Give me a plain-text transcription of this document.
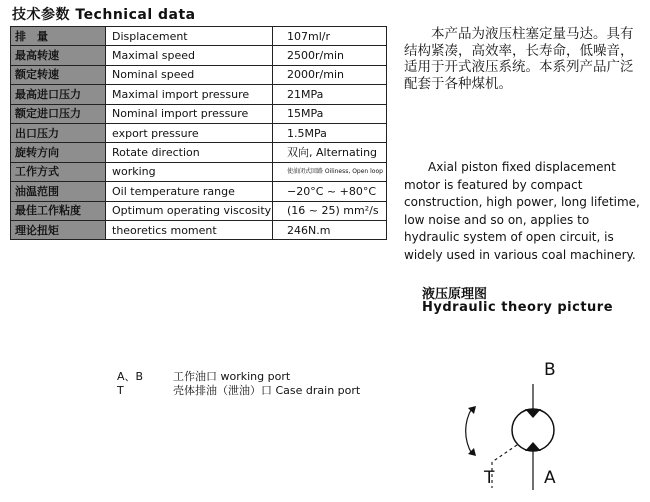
技术参数 Technical data
排　量	Displacement	107ml/r
最高转速	Maximal speed	2500r/min
额定转速	Nominal speed	2000r/min
最高进口压力	Maximal import pressure	21MPa
额定进口压力	Nominal import pressure	15MPa
出口压力	export pressure	1.5MPa
旋转方向	Rotate direction	双向, Alternating
工作方式	working	使油闭式回路 Oiliness, Open loop
油温范围	Oil temperature range	−20°C ~ +80°C
最佳工作粘度	Optimum operating viscosity	(16 ~ 25) mm²/s
理论扭矩	theoretics moment	246N.m
本产品为液压柱塞定量马达。具有结构紧凑，高效率，长寿命，低噪音，适用于开式液压系统。本系列产品广泛配套于各种煤机。
Axial piston fixed displacement motor is featured by compact construction, high power, long lifetime, low noise and so on, applies to hydraulic system of open circuit, is widely used in various coal machinery.
液压原理图
Hydraulic theory picture
A、B	工作油口 working port
T	壳体排油（泄油）口 Case drain port
B
T	A
